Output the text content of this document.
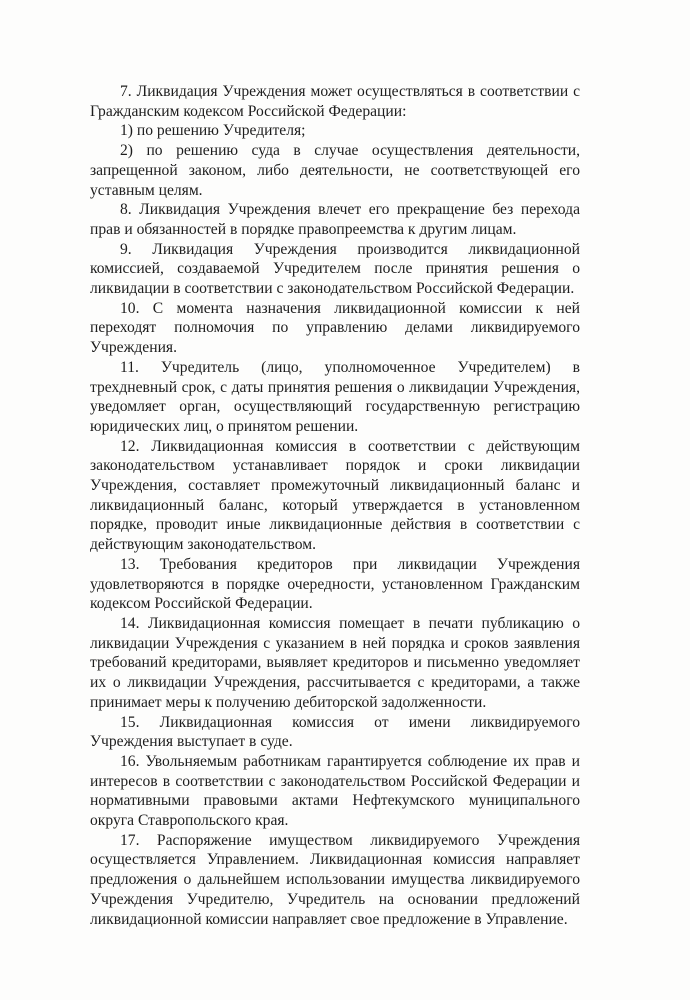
7. Ликвидация Учреждения может осуществляться в соответствии с Гражданским кодексом Российской Федерации:

1) по решению Учредителя;

2) по решению суда в случае осуществления деятельности, запрещенной законом, либо деятельности, не соответствующей его уставным целям.

8. Ликвидация Учреждения влечет его прекращение без перехода прав и обязанностей в порядке правопреемства к другим лицам.

9. Ликвидация Учреждения производится ликвидационной комиссией, создаваемой Учредителем после принятия решения о ликвидации в соответствии с законодательством Российской Федерации.

10. С момента назначения ликвидационной комиссии к ней переходят полномочия по управлению делами ликвидируемого Учреждения.

11. Учредитель (лицо, уполномоченное Учредителем) в трехдневный срок, с даты принятия решения о ликвидации Учреждения, уведомляет орган, осуществляющий государственную регистрацию юридических лиц, о принятом решении.

12. Ликвидационная комиссия в соответствии с действующим законодательством устанавливает порядок и сроки ликвидации Учреждения, составляет промежуточный ликвидационный баланс и ликвидационный баланс, который утверждается в установленном порядке, проводит иные ликвидационные действия в соответствии с действующим законодательством.

13. Требования кредиторов при ликвидации Учреждения удовлетворяются в порядке очередности, установленном Гражданским кодексом Российской Федерации.

14. Ликвидационная комиссия помещает в печати публикацию о ликвидации Учреждения с указанием в ней порядка и сроков заявления требований кредиторами, выявляет кредиторов и письменно уведомляет их о ликвидации Учреждения, рассчитывается с кредиторами, а также принимает меры к получению дебиторской задолженности.

15. Ликвидационная комиссия от имени ликвидируемого Учреждения выступает в суде.

16. Увольняемым работникам гарантируется соблюдение их прав и интересов в соответствии с законодательством Российской Федерации и нормативными правовыми актами Нефтекумского муниципального округа Ставропольского края.

17. Распоряжение имуществом ликвидируемого Учреждения осуществляется Управлением. Ликвидационная комиссия направляет предложения о дальнейшем использовании имущества ликвидируемого Учреждения Учредителю, Учредитель на основании предложений ликвидационной комиссии направляет свое предложение в Управление.
